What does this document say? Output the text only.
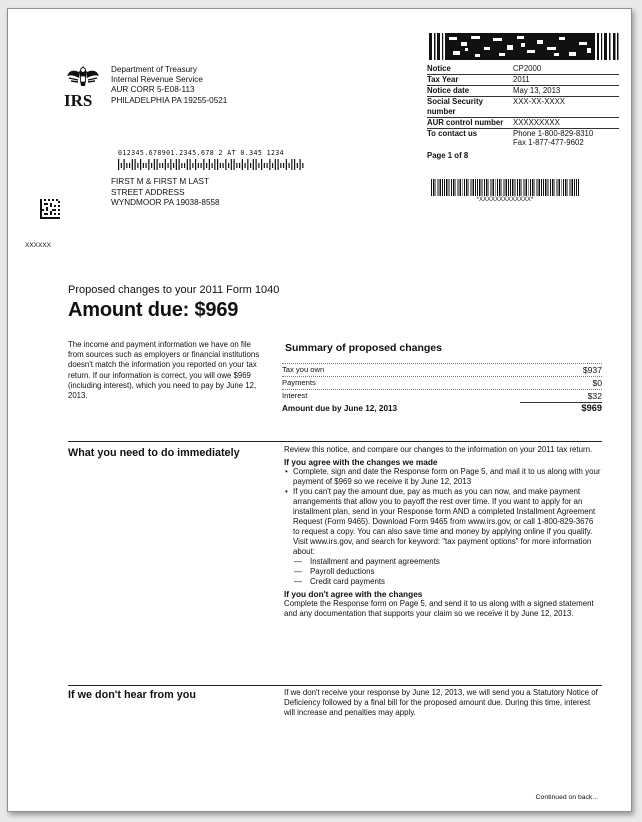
IRS
Department of Treasury
Internal Revenue Service
AUR CORR 5-E08-113
PHILADELPHIA PA 19255-0521
Notice	CP2000
Tax Year	2011
Notice date	May 13, 2013
Social Security number	XXX-XX-XXXX
AUR control number	XXXXXXXXX
To contact us	Phone 1-800-829-8310
Fax 1-877-477-9602
Page 1 of 8
*XXXXXXXXXXXXX*
012345.678901.2345.678 2 AT 0.345 1234
FIRST M & FIRST M LAST
STREET ADDRESS
WYNDMOOR PA 19038-8558
XXXXXX
Proposed changes to your 2011 Form 1040
Amount due: $969
The income and payment information we have on file from sources such as employers or financial institutions doesn't match the information you reported on your tax return. If our information is correct, you will owe $969 (including interest), which you need to pay by June 12, 2013.
Summary of proposed changes
Tax you own	$937
Payments	$0
Interest	$32
Amount due by June 12, 2013	$969
What you need to do immediately	Review this notice, and compare our changes to the information on your 2011 tax return.

If you agree with the changes we made

• Complete, sign and date the Response form on Page 5, and mail it to us along with your payment of $969 so we receive it by June 12, 2013
• If you can't pay the amount due, pay as much as you can now, and make payment arrangements that allow you to payoff the rest over time. If you want to apply for an installment plan, send in your Response form AND a completed Installment Agreement Request (Form 9465). Download Form 9465 from www.irs.gov, or call 1-800-829-3676 to request a copy. You can also save time and money by applying online if you qualify. Visit www.irs.gov, and search for keyword: "tax payment options" for more information about:
— Installment and payment agreements
— Payroll deductions
— Credit card payments

If you don't agree with the changes

Complete the Response form on Page 5, and send it to us along with a signed statement and any documentation that supports your claim so we receive it by June 12, 2013.

If we don't hear from you	If we don't receive your response by June 12, 2013, we will send you a Statutory Notice of Deficiency followed by a final bill for the proposed amount due. During this time, interest will increase and penalties may apply.

Continued on back...
